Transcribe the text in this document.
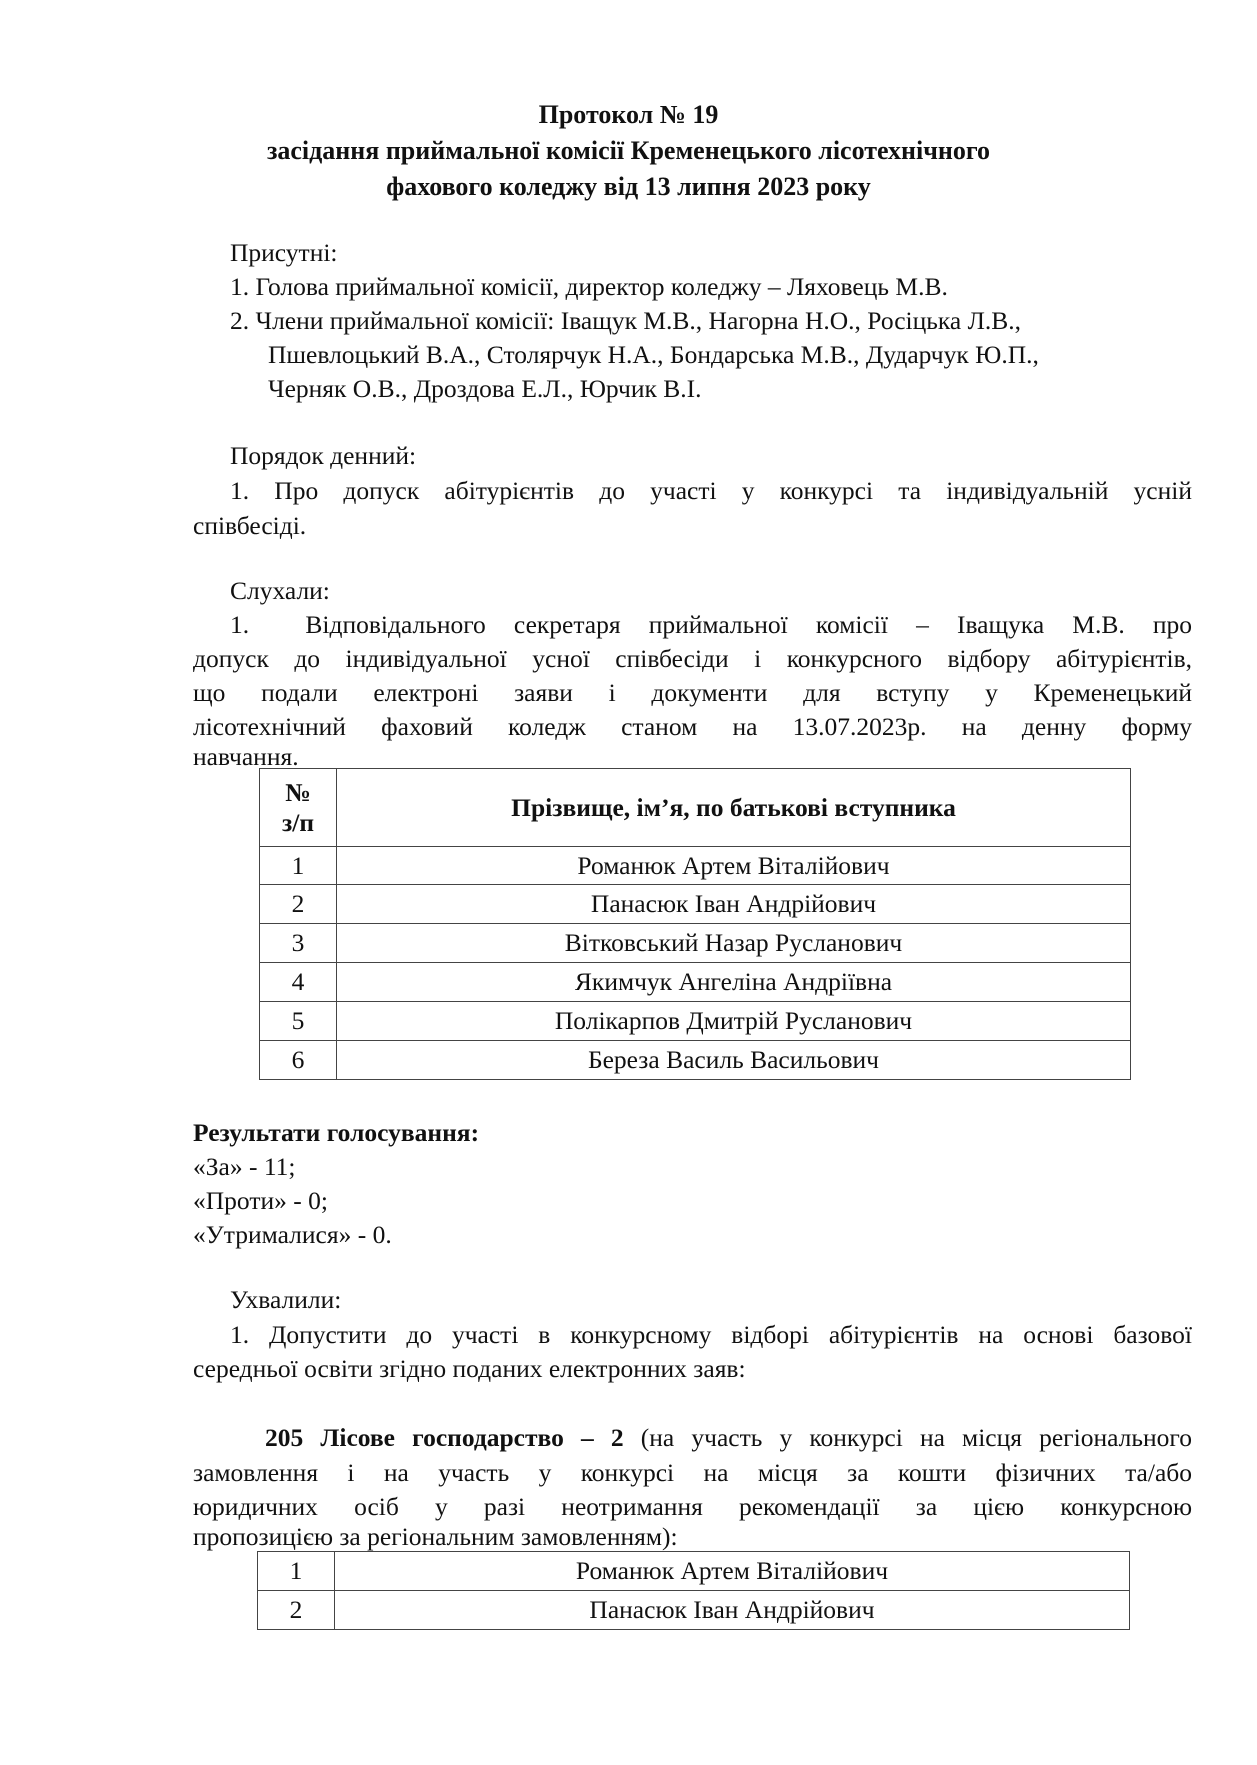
Протокол № 19

засідання приймальної комісії Кременецького лісотехнічного

фахового коледжу від 13 липня 2023 року

Присутні:

1. Голова приймальної комісії, директор коледжу – Ляховець М.В.

2. Члени приймальної комісії: Іващук М.В., Нагорна Н.О., Росіцька Л.В.,

Пшевлоцький В.А., Столярчук Н.А., Бондарська М.В., Дударчук Ю.П.,

Черняк О.В., Дроздова Е.Л., Юрчик В.І.

Порядок денний:

1. Про допуск абітурієнтів до участі у конкурсі та індивідуальній усній

співбесіді.

Слухали:

1.  Відповідального секретаря приймальної комісії – Іващука М.В. про

допуск до індивідуальної усної співбесіди і конкурсного відбору абітурієнтів,

що подали електроні заяви і документи для вступу у Кременецький

лісотехнічний фаховий коледж станом на 13.07.2023р. на денну форму

навчання.

№
з/п	Прізвище, ім’я, по батькові вступника
1	Романюк Артем Віталійович
2	Панасюк Іван Андрійович
3	Вітковський Назар Русланович
4	Якимчук Ангеліна Андріївна
5	Полікарпов Дмитрій Русланович
6	Береза Василь Васильович

Результати голосування:

«За» - 11;

«Проти» - 0;

«Утрималися» - 0.

Ухвалили:

1. Допустити до участі в конкурсному відборі абітурієнтів на основі базової

середньої освіти згідно поданих електронних заяв:

205 Лісове господарство – 2 (на участь у конкурсі на місця регіонального

замовлення і на участь у конкурсі на місця за кошти фізичних та/або

юридичних осіб у разі неотримання рекомендації за цією конкурсною

пропозицією за регіональним замовленням):

1	Романюк Артем Віталійович
2	Панасюк Іван Андрійович
